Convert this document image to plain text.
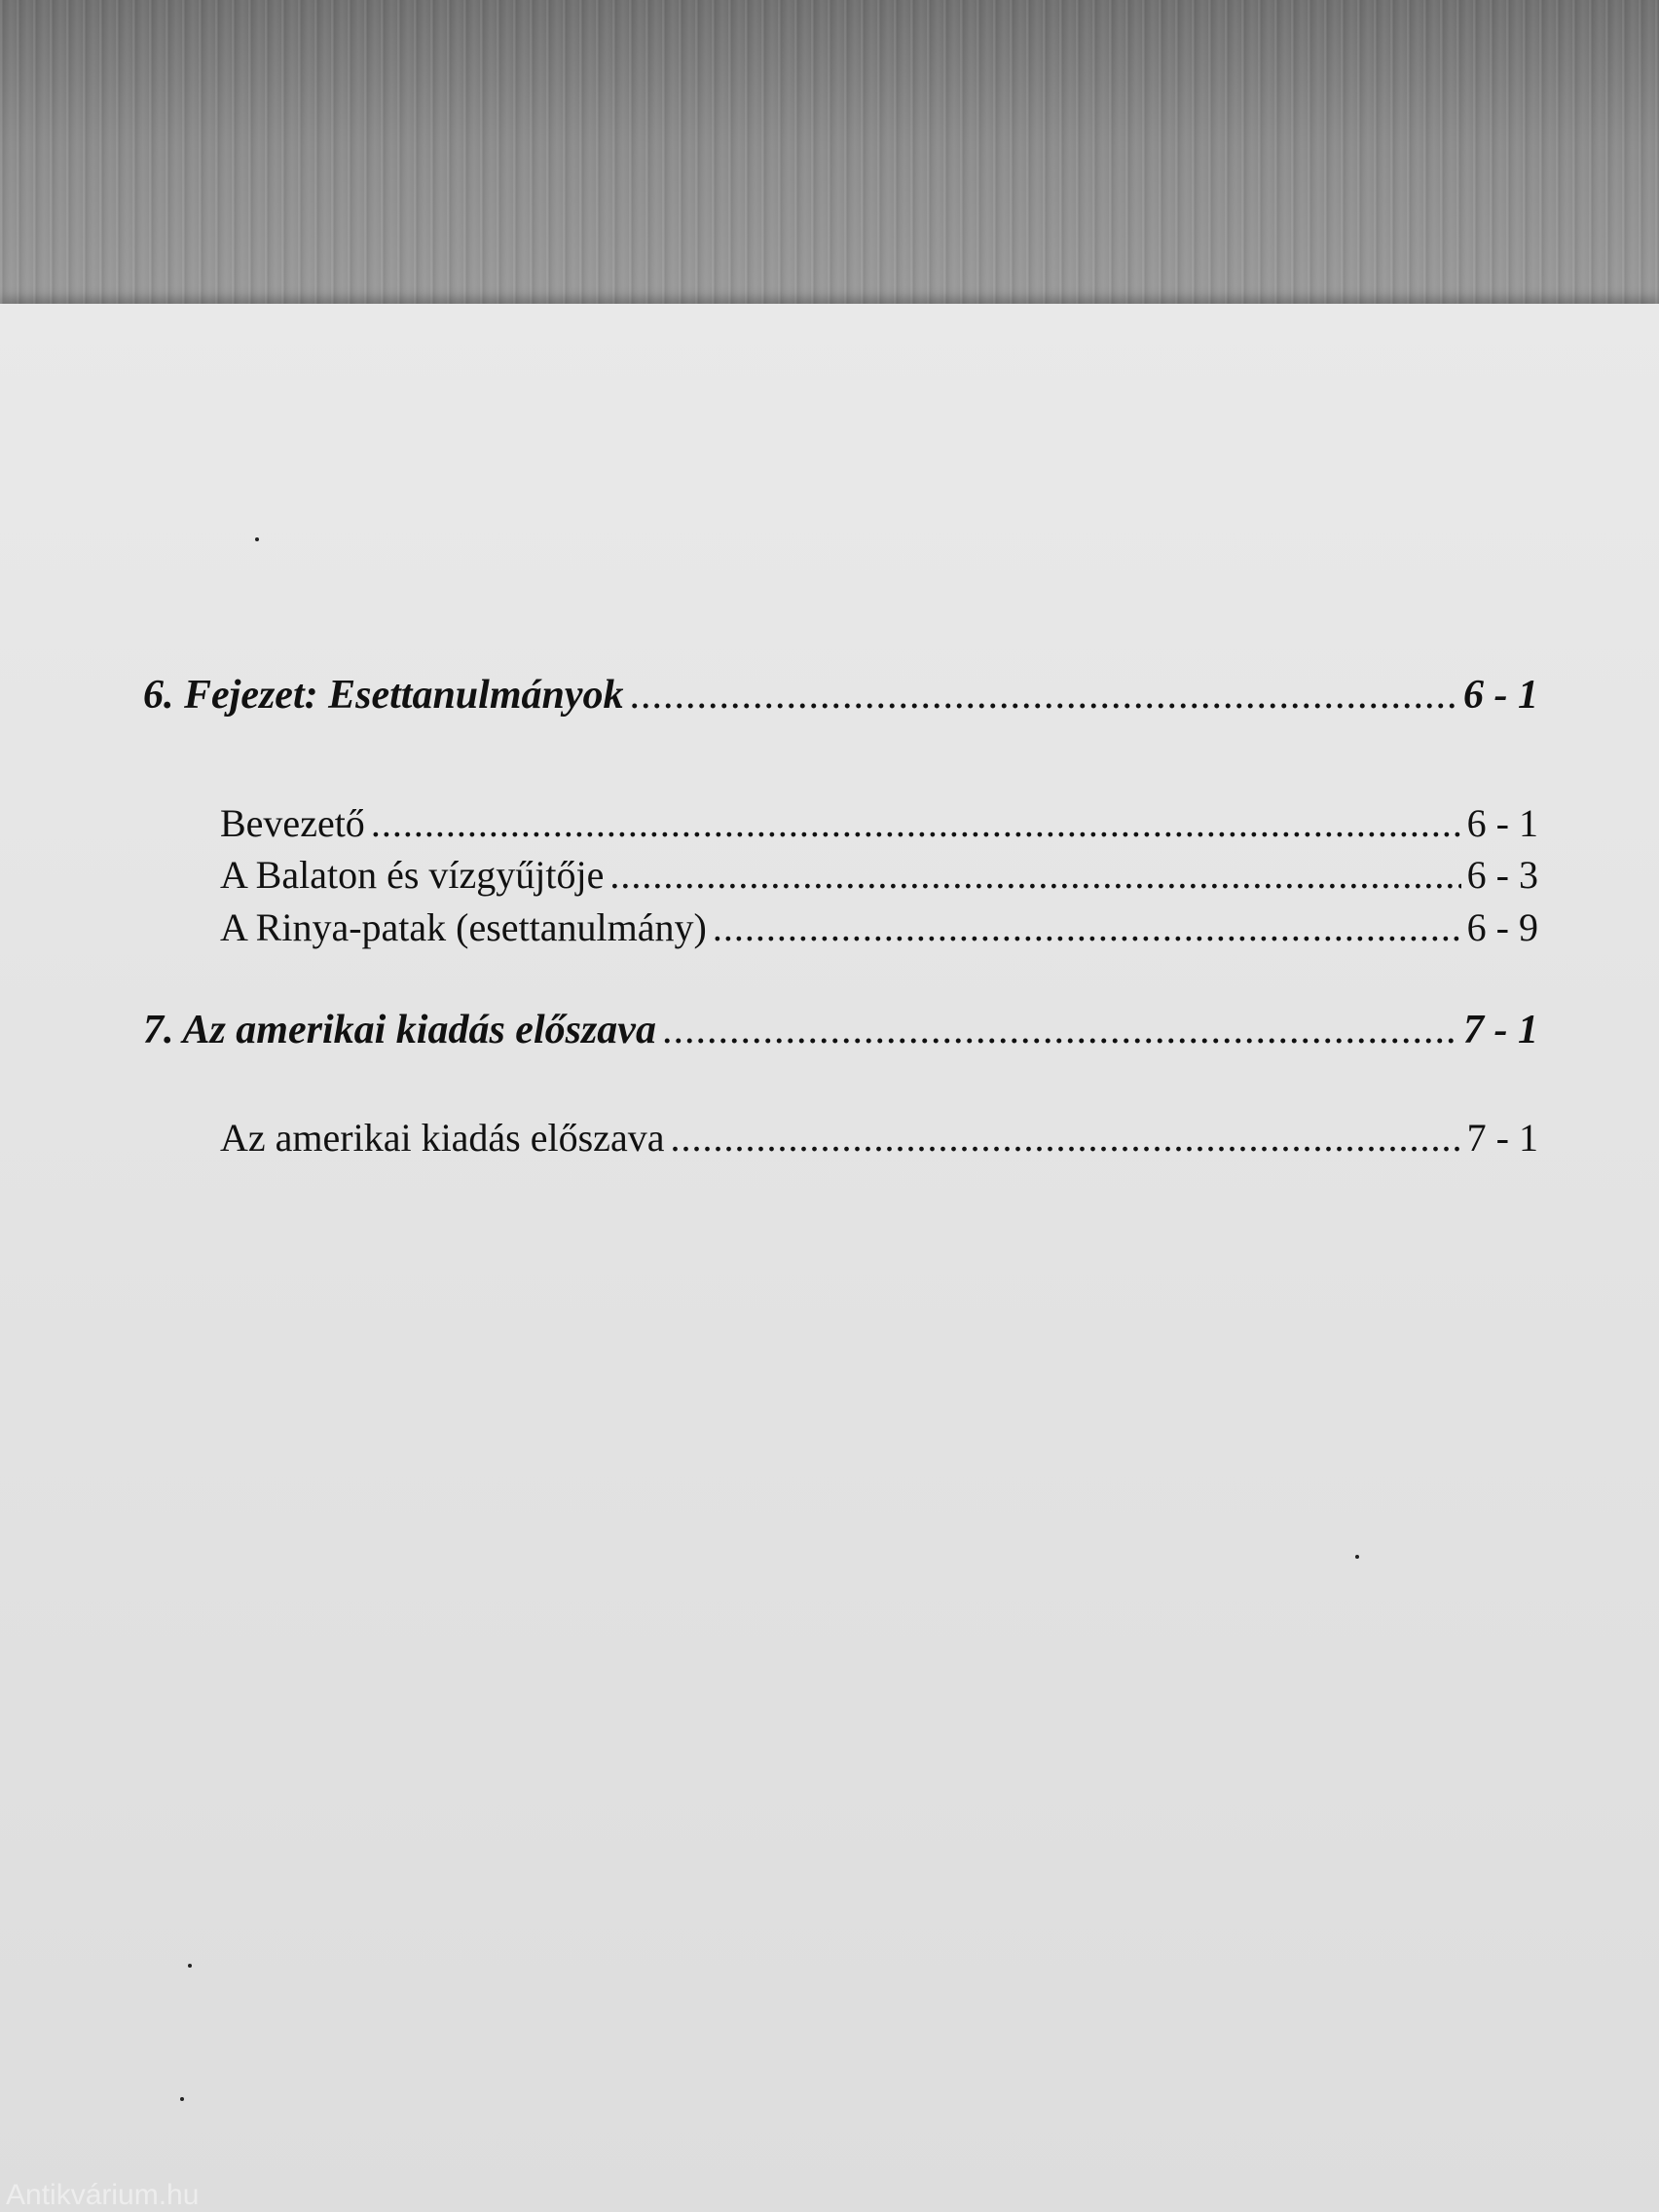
6. Fejezet: Esettanulmányok .....	6 - 1
Bevezető .....	6 - 1
A Balaton és vízgyűjtője .....	6 - 3
A Rinya-patak (esettanulmány) .....	6 - 9
7. Az amerikai kiadás előszava .....	7 - 1
Az amerikai kiadás előszava .....	7 - 1
Antikvárium.hu
